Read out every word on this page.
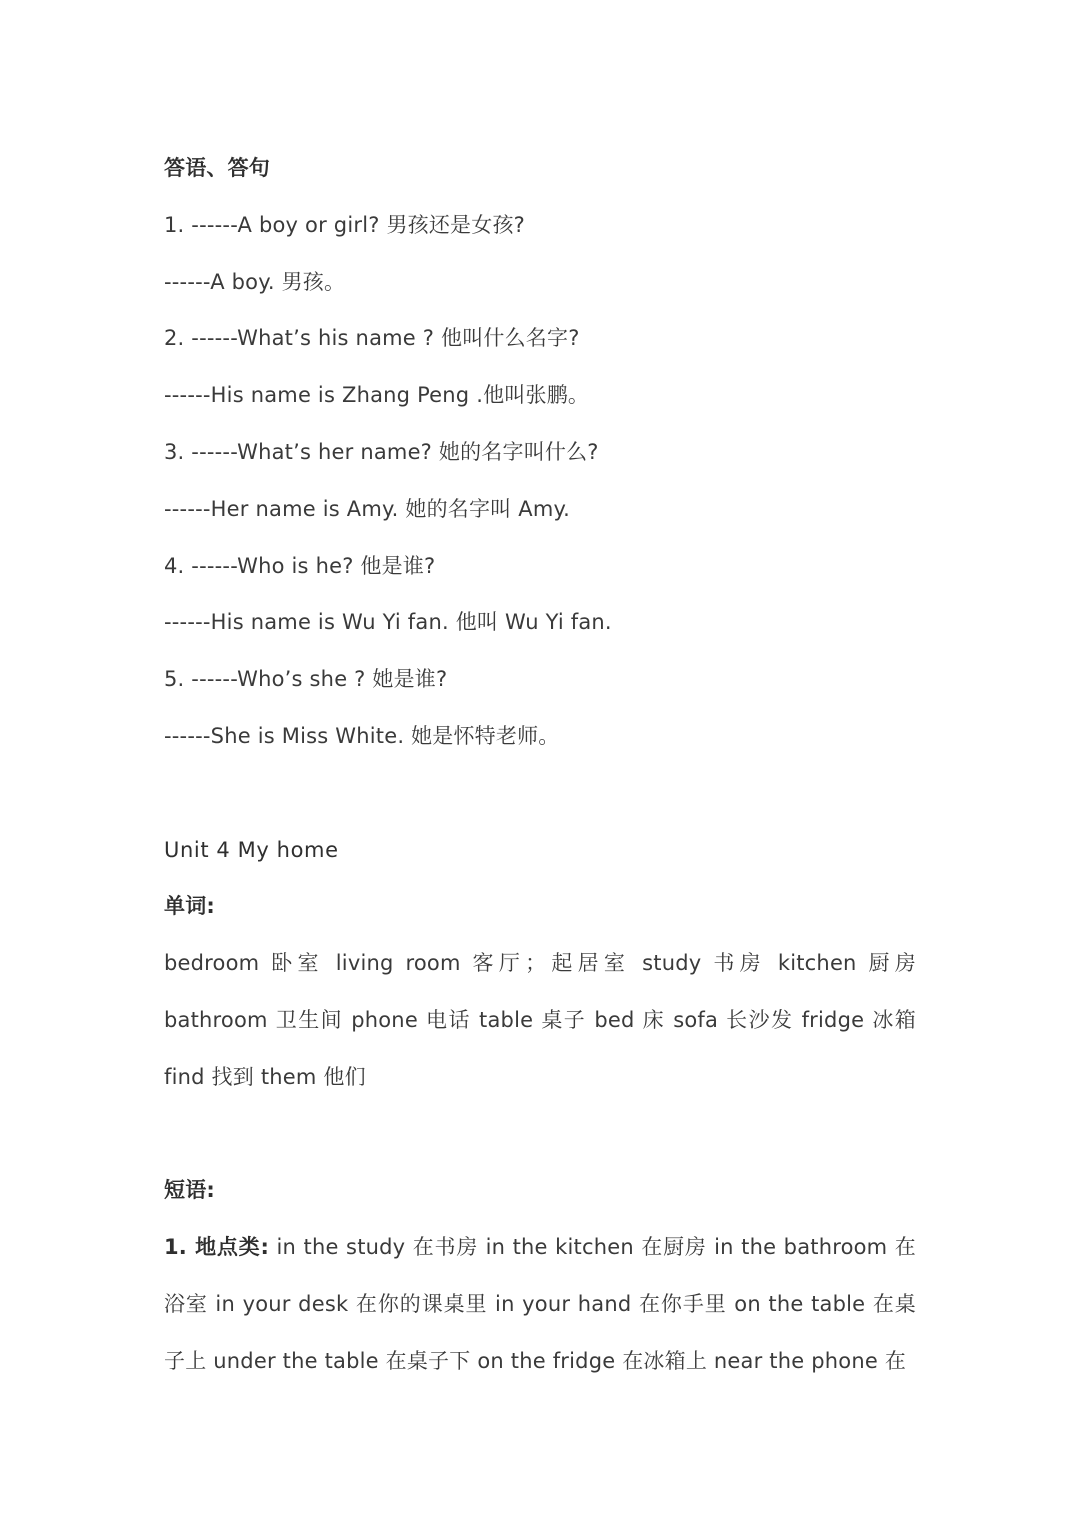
答语、答句
1. ------A boy or girl? 男孩还是女孩?
------A boy. 男孩。
2. ------What’s his name ? 他叫什么名字?
------His name is Zhang Peng .他叫张鹏。
3. ------What’s her name? 她的名字叫什么?
------Her name is Amy. 她的名字叫 Amy.
4. ------Who is he? 他是谁?
------His name is Wu Yi fan. 他叫 Wu Yi fan.
5. ------Who’s she ? 她是谁?
------She is Miss White. 她是怀特老师。
Unit 4 My home
单词:
bedroom 卧室 living room 客厅；起居室 study 书房 kitchen 厨房 bathroom 卫生间 phone 电话 table 桌子 bed 床 sofa 长沙发 fridge 冰箱 find 找到 them 他们
短语:
1. 地点类: in the study 在书房 in the kitchen 在厨房 in the bathroom 在浴室 in your desk 在你的课桌里 in your hand 在你手里 on the table 在桌子上 under the table 在桌子下 on the fridge 在冰箱上 near the phone 在
